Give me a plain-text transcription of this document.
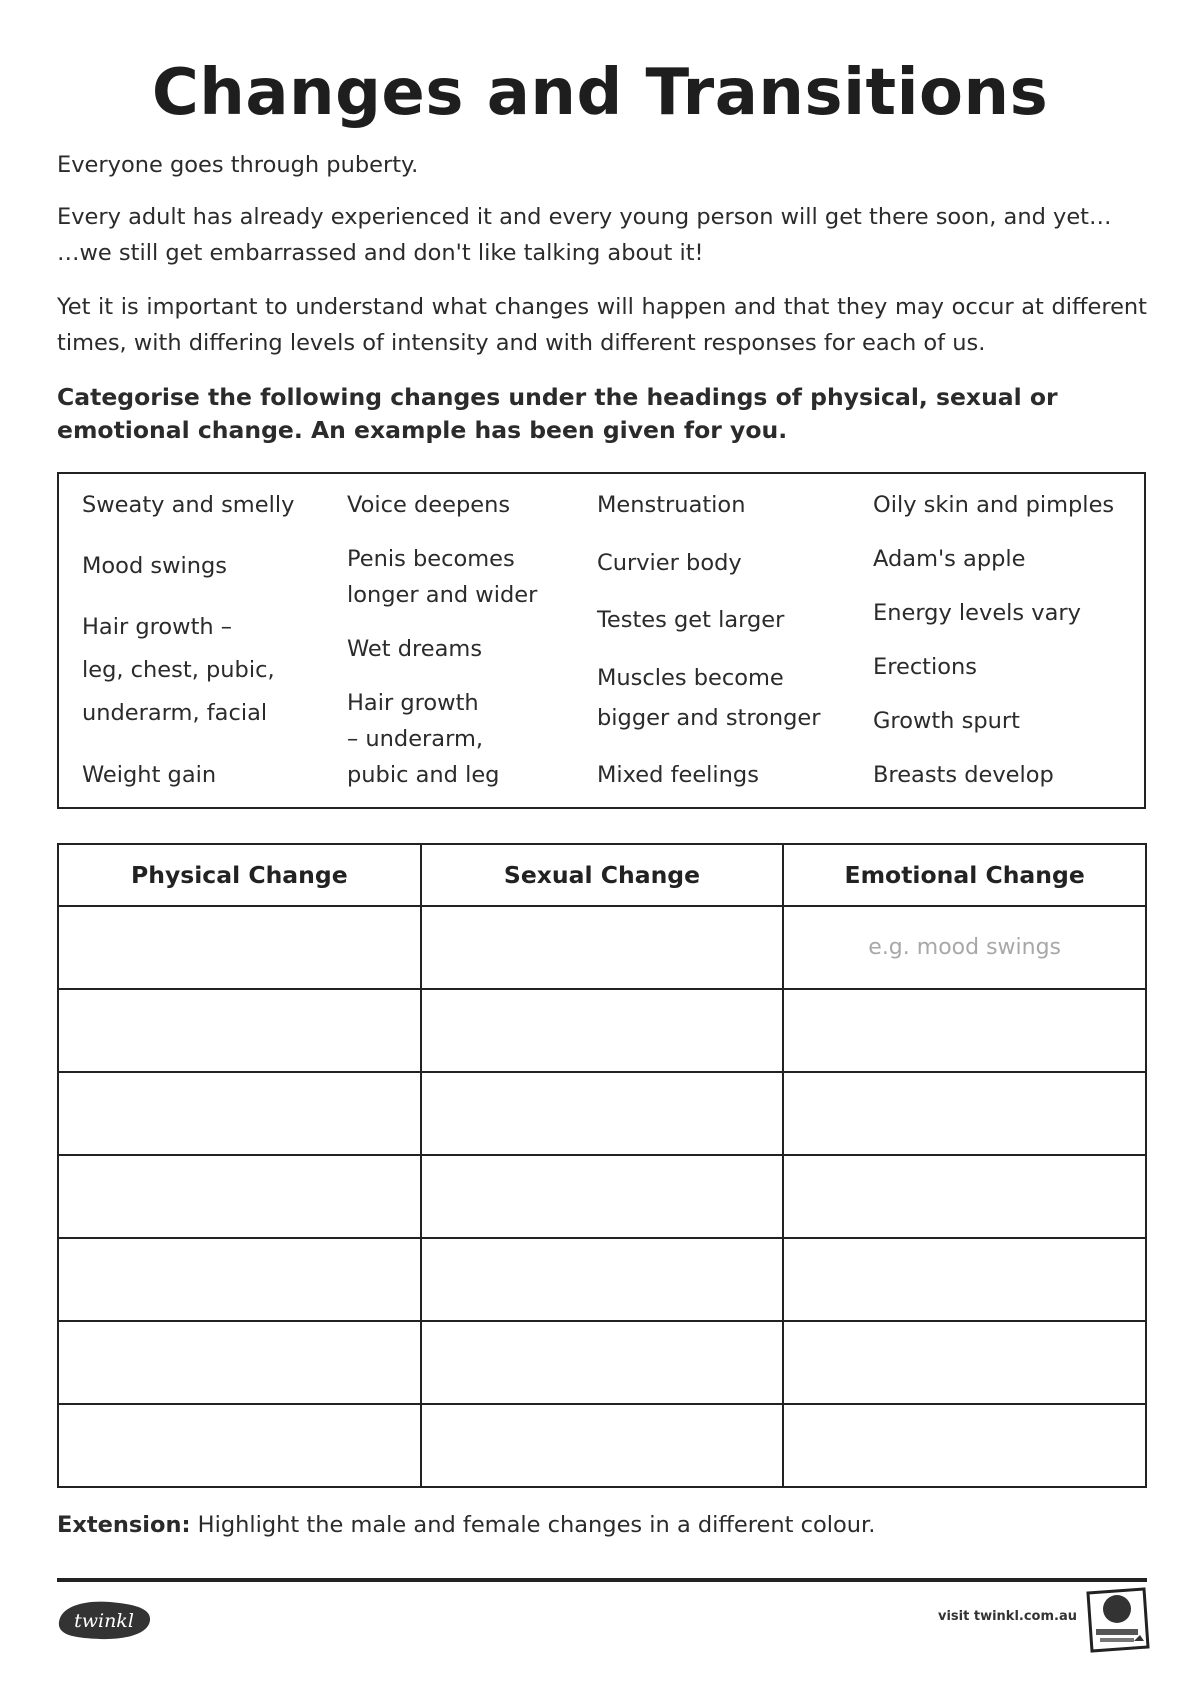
Changes and Transitions

Everyone goes through puberty.

Every adult has already experienced it and every young person will get there soon, and yet…

…we still get embarrassed and don't like talking about it!

Yet it is important to understand what changes will happen and that they may occur at different times, with differing levels of intensity and with different responses for each of us.

Categorise the following changes under the headings of physical, sexual or emotional change. An example has been given for you.

Sweaty and smelly
Mood swings
Hair growth –
leg, chest, pubic,
underarm, facial
Weight gain
Voice deepens
Penis becomes
longer and wider
Wet dreams
Hair growth
– underarm,
pubic and leg
Menstruation
Curvier body
Testes get larger
Muscles become
bigger and stronger
Mixed feelings
Oily skin and pimples
Adam's apple
Energy levels vary
Erections
Growth spurt
Breasts develop
Physical Change	Sexual Change	Emotional Change
		e.g. mood swings

Extension: Highlight the male and female changes in a different colour.

twinkl	visit twinkl.com.au
